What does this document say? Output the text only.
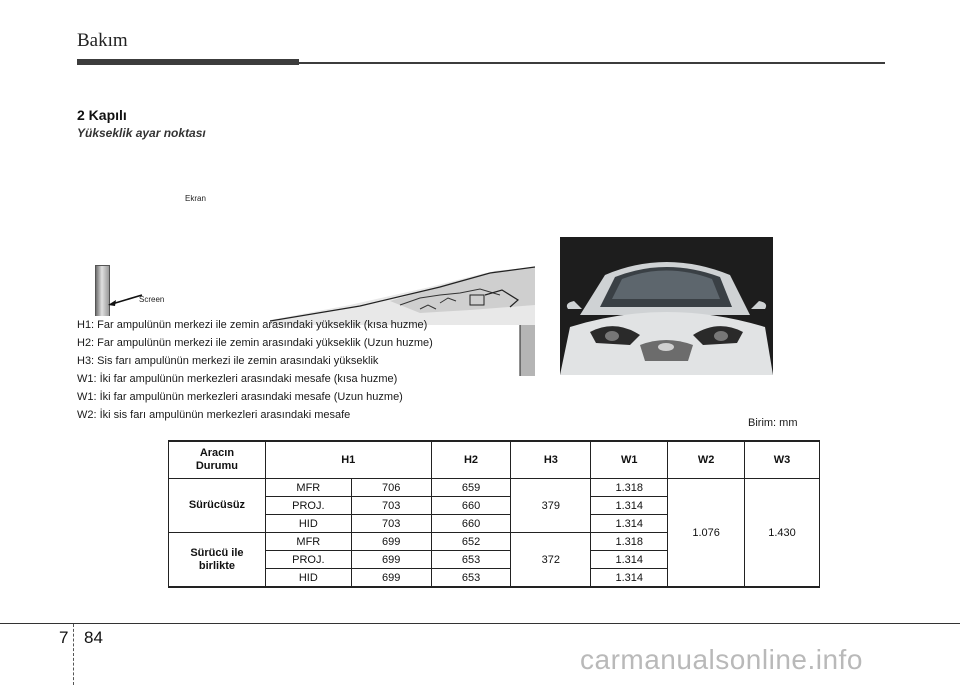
Bakım
2 Kapılı
Yükseklik ayar noktası
Ekran
Screen
H1: Far ampulünün merkezi ile zemin arasındaki yükseklik (kısa huzme)
H2: Far ampulünün merkezi ile zemin arasındaki yükseklik (Uzun huzme)
H3: Sis farı ampulünün merkezi ile zemin arasındaki yükseklik
W1: İki far ampulünün merkezleri arasındaki mesafe (kısa huzme)
W1: İki far ampulünün merkezleri arasındaki mesafe (Uzun huzme)
W2: İki sis farı ampulünün merkezleri arasındaki mesafe
Birim: mm
Aracın
Durumu	H1		H2	H3	W1	W2	W3
Sürücüsüz	MFR	706	659	379	1.318	1.076	1.430
	PROJ.	703	660		1.314		
	HID	703	660		1.314		
Sürücü ile
birlikte	MFR	699	652	372	1.318		
	PROJ.	699	653		1.314		
	HID	699	653		1.314		
7 84
carmanualsonline.info
